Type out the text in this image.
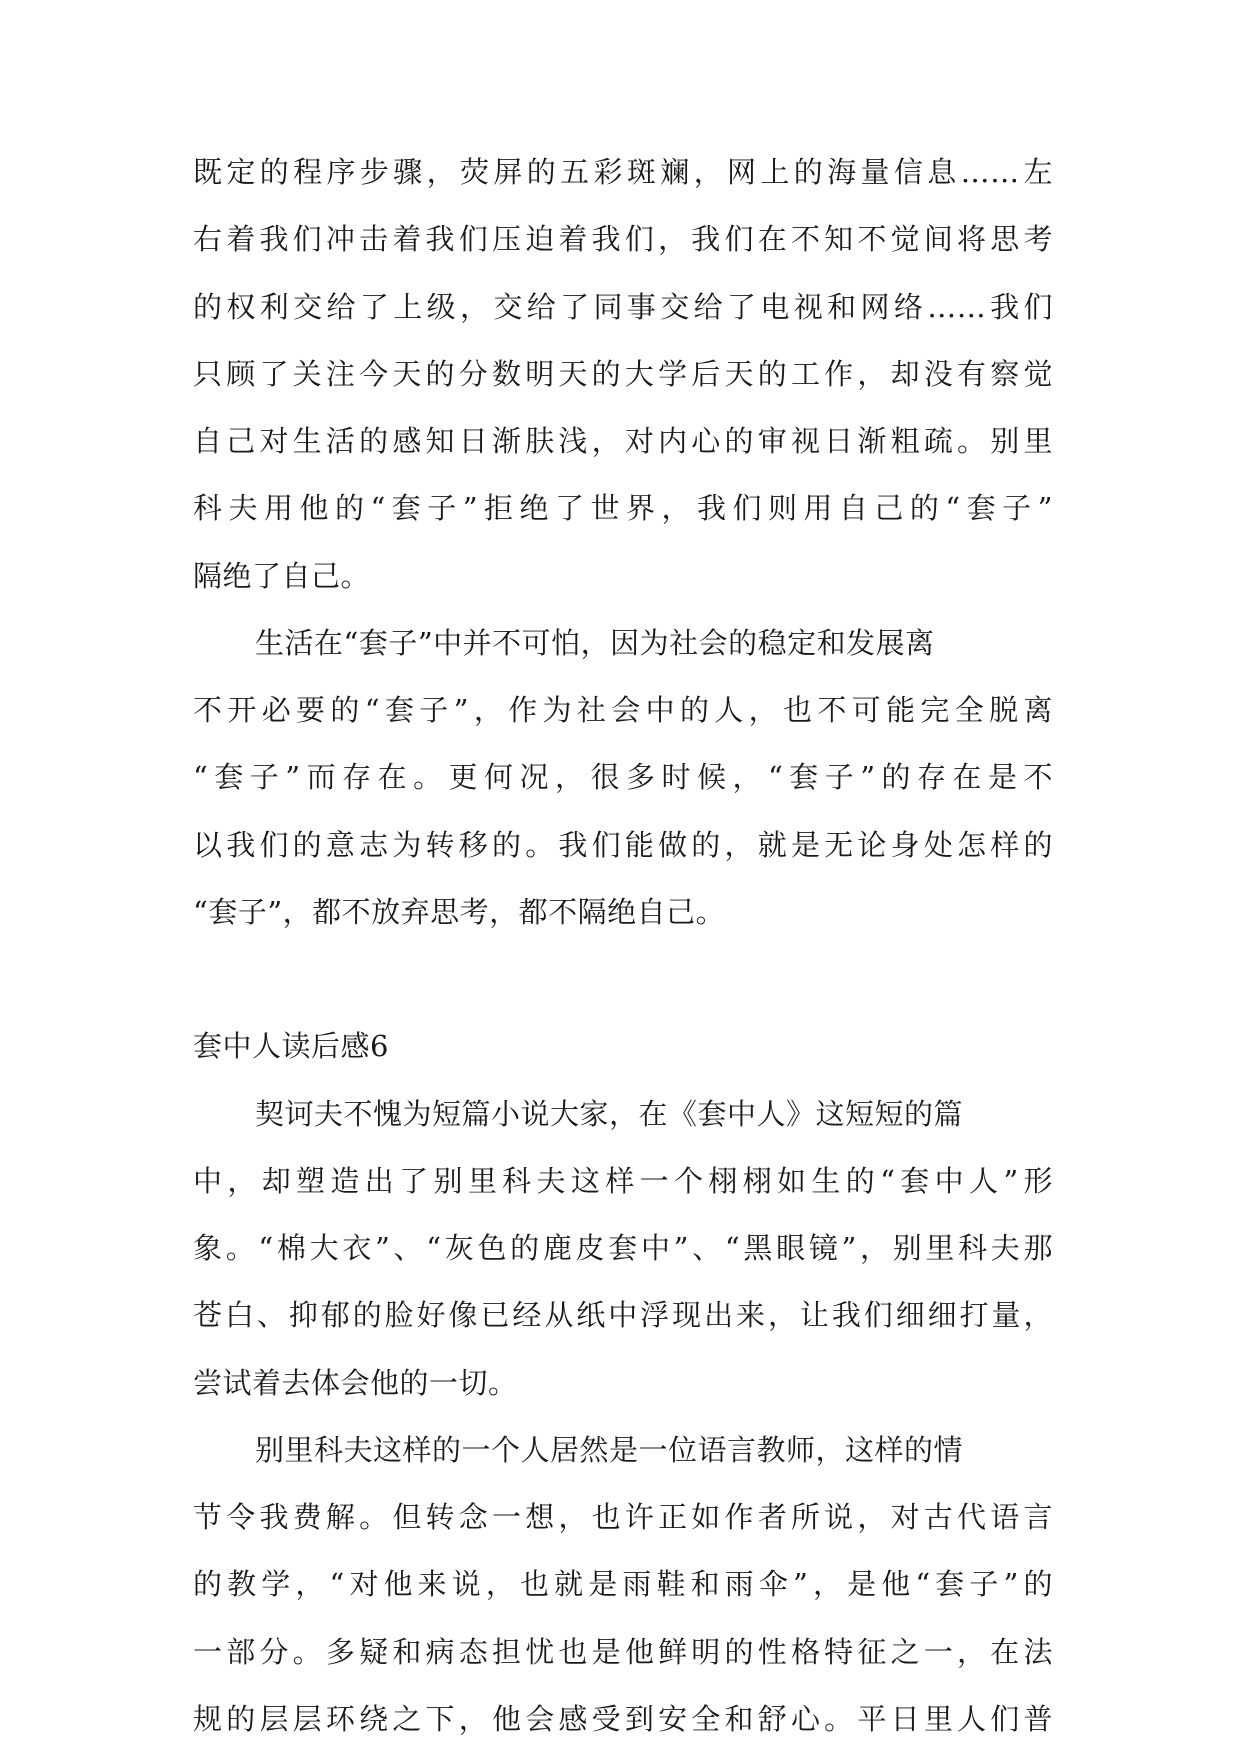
既定的程序步骤，荧屏的五彩斑斓，网上的海量信息……左
右着我们冲击着我们压迫着我们，我们在不知不觉间将思考
的权利交给了上级，交给了同事交给了电视和网络……我们
只顾了关注今天的分数明天的大学后天的工作，却没有察觉
自己对生活的感知日渐肤浅，对内心的审视日渐粗疏。别里
科夫用他的“套子”拒绝了世界，我们则用自己的“套子”
隔绝了自己。
生活在“套子”中并不可怕，因为社会的稳定和发展离
不开必要的“套子”，作为社会中的人，也不可能完全脱离
“套子”而存在。更何况，很多时候，“套子”的存在是不
以我们的意志为转移的。我们能做的，就是无论身处怎样的
“套子”，都不放弃思考，都不隔绝自己。
套中人读后感6
契诃夫不愧为短篇小说大家，在《套中人》这短短的篇
中，却塑造出了别里科夫这样一个栩栩如生的“套中人”形
象。“棉大衣”、“灰色的鹿皮套中”、“黑眼镜”，别里科夫那
苍白、抑郁的脸好像已经从纸中浮现出来，让我们细细打量，
尝试着去体会他的一切。
别里科夫这样的一个人居然是一位语言教师，这样的情
节令我费解。但转念一想，也许正如作者所说，对古代语言
的教学，“对他来说，也就是雨鞋和雨伞”，是他“套子”的
一部分。多疑和病态担忧也是他鲜明的性格特征之一，在法
规的层层环绕之下，他会感受到安全和舒心。平日里人们普
